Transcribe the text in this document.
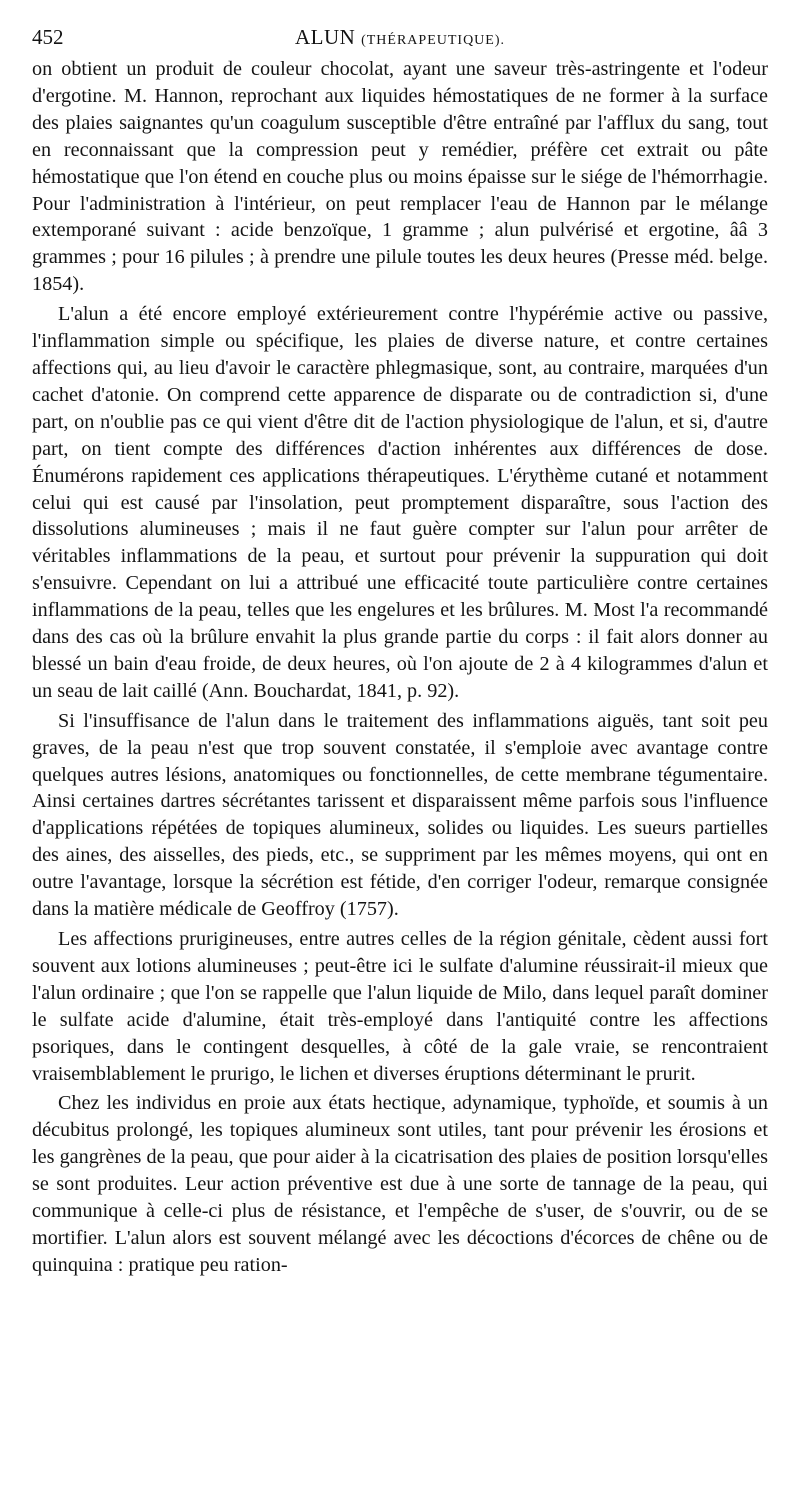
452	ALUN (THÉRAPEUTIQUE).

on obtient un produit de couleur chocolat, ayant une saveur très-astringente et l'odeur d'ergotine. M. Hannon, reprochant aux liquides hémostatiques de ne former à la surface des plaies saignantes qu'un coagulum susceptible d'être entraîné par l'afflux du sang, tout en reconnaissant que la compression peut y remédier, préfère cet extrait ou pâte hémostatique que l'on étend en couche plus ou moins épaisse sur le siége de l'hémorrhagie. Pour l'administration à l'intérieur, on peut remplacer l'eau de Hannon par le mélange extemporané suivant : acide benzoïque, 1 gramme ; alun pulvérisé et ergotine, ââ 3 grammes ; pour 16 pilules ; à prendre une pilule toutes les deux heures (Presse méd. belge. 1854).

L'alun a été encore employé extérieurement contre l'hypérémie active ou passive, l'inflammation simple ou spécifique, les plaies de diverse nature, et contre certaines affections qui, au lieu d'avoir le caractère phlegmasique, sont, au contraire, marquées d'un cachet d'atonie. On comprend cette apparence de disparate ou de contradiction si, d'une part, on n'oublie pas ce qui vient d'être dit de l'action physiologique de l'alun, et si, d'autre part, on tient compte des différences d'action inhérentes aux différences de dose. Énumérons rapidement ces applications thérapeutiques. L'érythème cutané et notamment celui qui est causé par l'insolation, peut promptement disparaître, sous l'action des dissolutions alumineuses ; mais il ne faut guère compter sur l'alun pour arrêter de véritables inflammations de la peau, et surtout pour prévenir la suppuration qui doit s'ensuivre. Cependant on lui a attribué une efficacité toute particulière contre certaines inflammations de la peau, telles que les engelures et les brûlures. M. Most l'a recommandé dans des cas où la brûlure envahit la plus grande partie du corps : il fait alors donner au blessé un bain d'eau froide, de deux heures, où l'on ajoute de 2 à 4 kilogrammes d'alun et un seau de lait caillé (Ann. Bouchardat, 1841, p. 92).

Si l'insuffisance de l'alun dans le traitement des inflammations aiguës, tant soit peu graves, de la peau n'est que trop souvent constatée, il s'emploie avec avantage contre quelques autres lésions, anatomiques ou fonctionnelles, de cette membrane tégumentaire. Ainsi certaines dartres sécrétantes tarissent et disparaissent même parfois sous l'influence d'applications répétées de topiques alumineux, solides ou liquides. Les sueurs partielles des aines, des aisselles, des pieds, etc., se suppriment par les mêmes moyens, qui ont en outre l'avantage, lorsque la sécrétion est fétide, d'en corriger l'odeur, remarque consignée dans la matière médicale de Geoffroy (1757).

Les affections prurigineuses, entre autres celles de la région génitale, cèdent aussi fort souvent aux lotions alumineuses ; peut-être ici le sulfate d'alumine réussirait-il mieux que l'alun ordinaire ; que l'on se rappelle que l'alun liquide de Milo, dans lequel paraît dominer le sulfate acide d'alumine, était très-employé dans l'antiquité contre les affections psoriques, dans le contingent desquelles, à côté de la gale vraie, se rencontraient vraisemblablement le prurigo, le lichen et diverses éruptions déterminant le prurit.

Chez les individus en proie aux états hectique, adynamique, typhoïde, et soumis à un décubitus prolongé, les topiques alumineux sont utiles, tant pour prévenir les érosions et les gangrènes de la peau, que pour aider à la cicatrisation des plaies de position lorsqu'elles se sont produites. Leur action préventive est due à une sorte de tannage de la peau, qui communique à celle-ci plus de résistance, et l'empêche de s'user, de s'ouvrir, ou de se mortifier. L'alun alors est souvent mélangé avec les décoctions d'écorces de chêne ou de quinquina : pratique peu ration-
